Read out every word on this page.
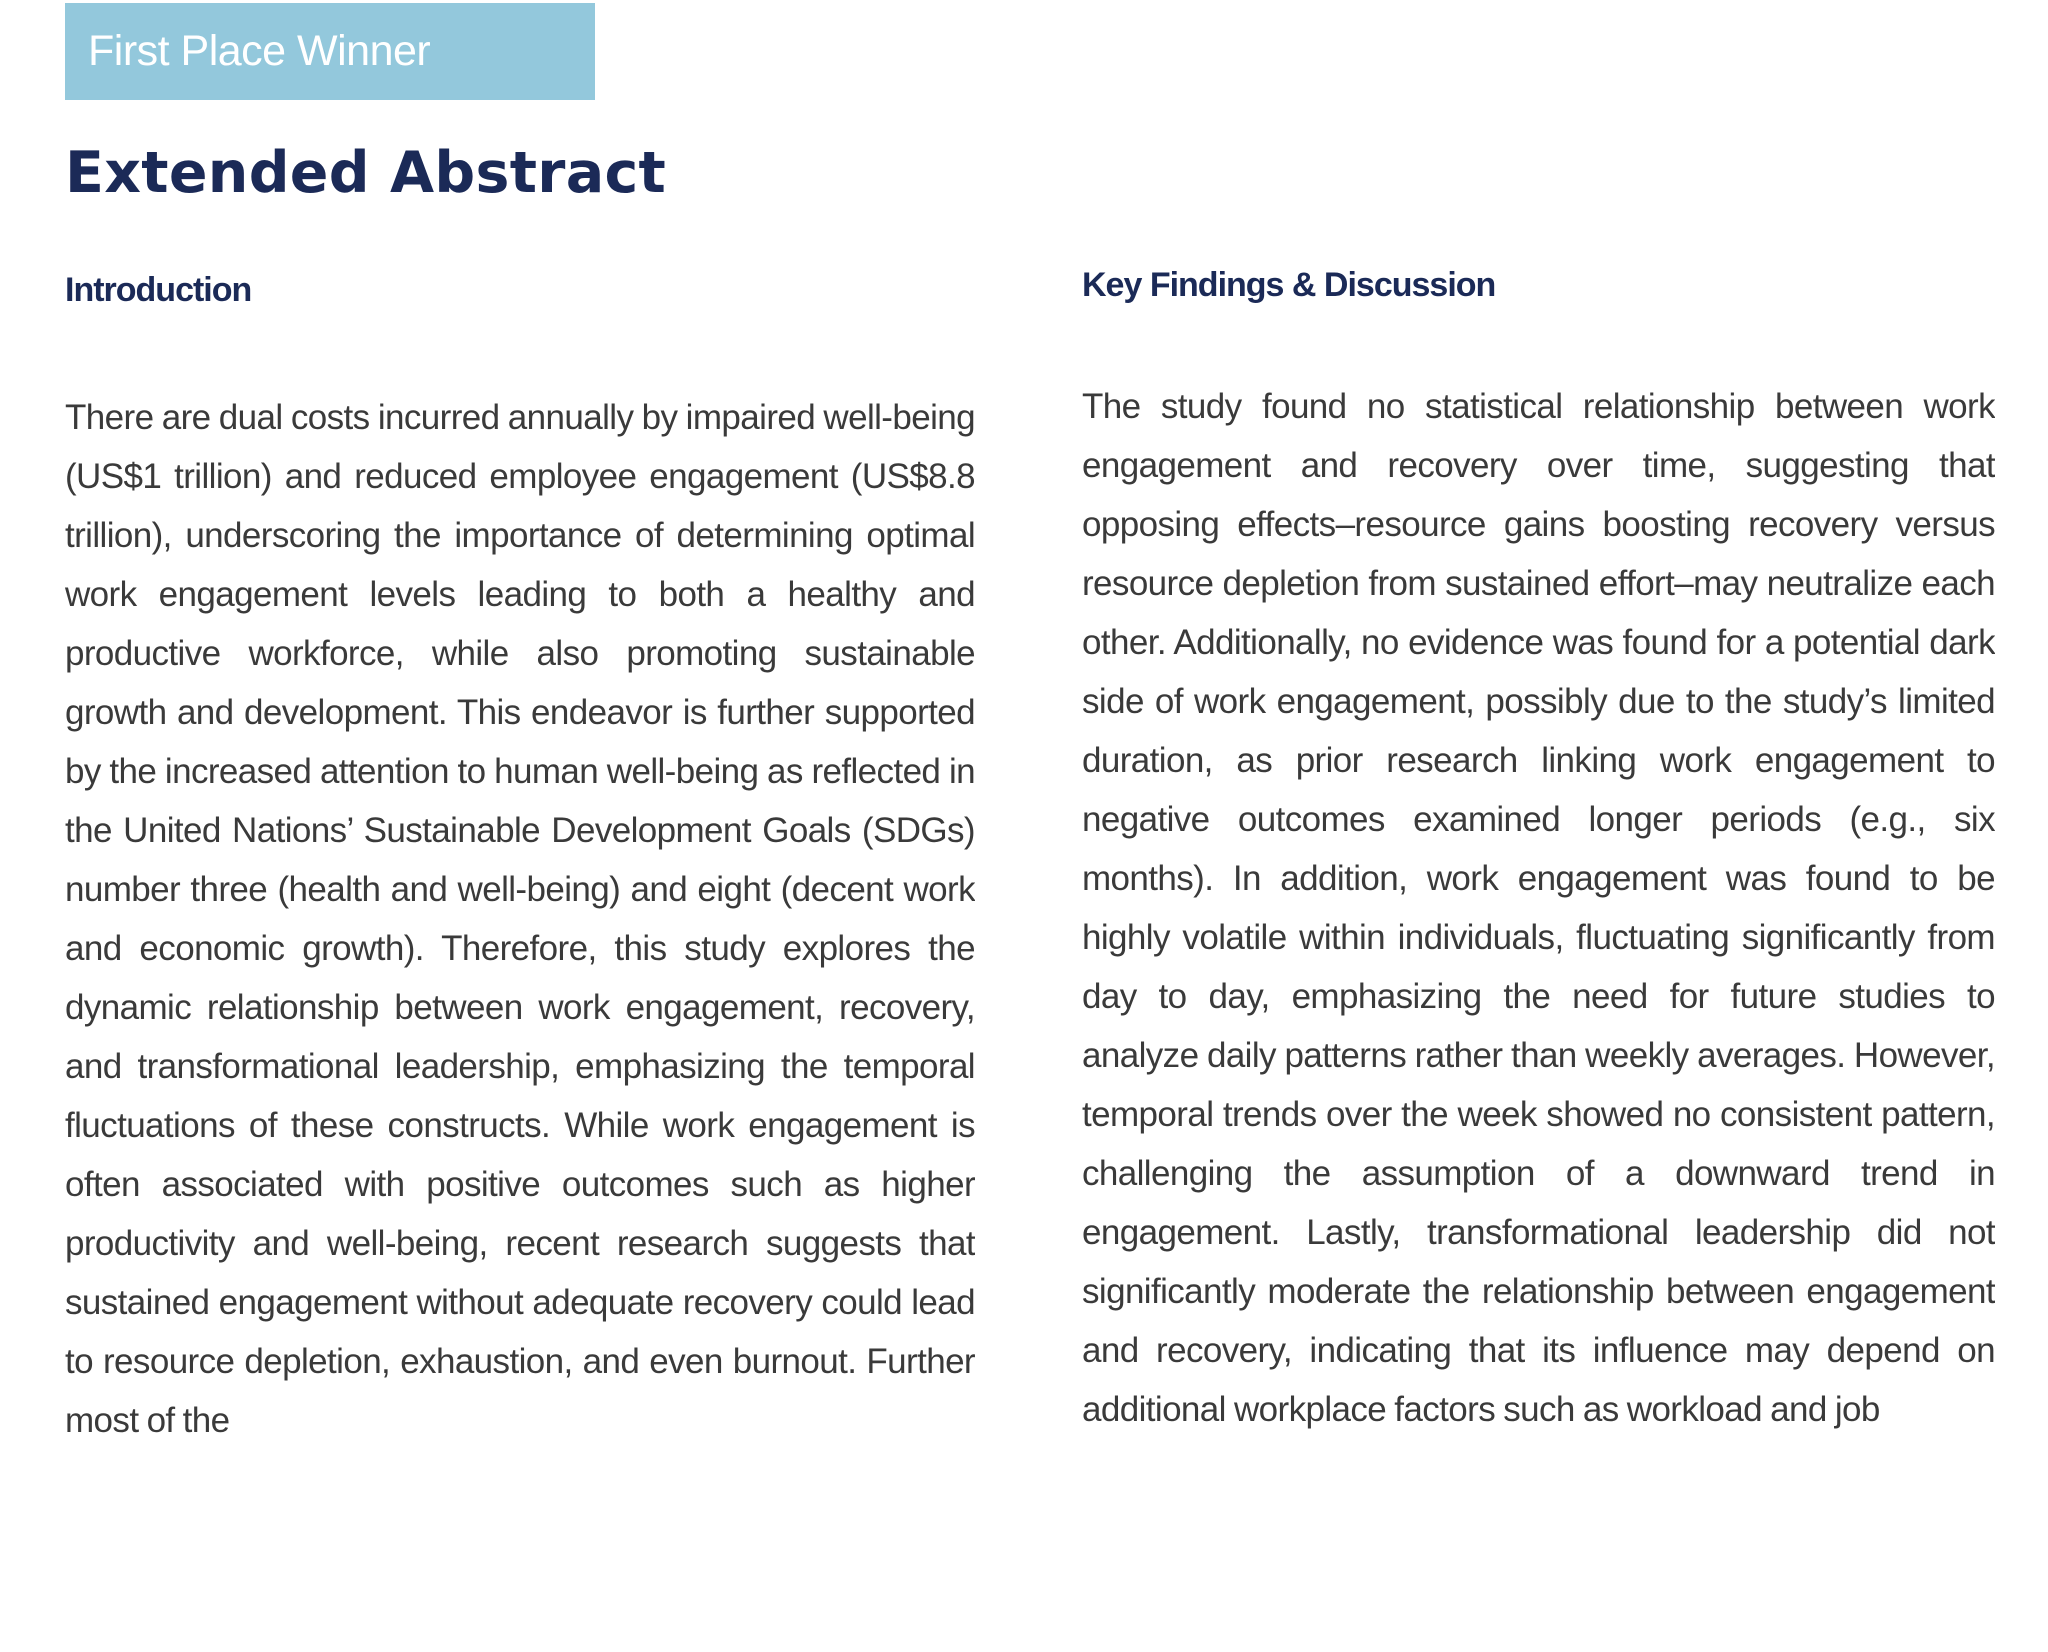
First Place Winner
Extended Abstract
Introduction

There are dual costs incurred annually by impaired well-being (US$1 trillion) and reduced employee engagement (US$8.8 trillion), underscoring the importance of determining optimal work engagement levels leading to both a healthy and productive workforce, while also promoting sustainable growth and development. This endeavor is further supported by the increased attention to human well-being as reflected in the United Nations’ Sustainable Development Goals (SDGs) number three (health and well-being) and eight (decent work and economic growth). Therefore, this study explores the dynamic relationship between work engagement, recovery, and transformational leadership, emphasizing the temporal fluctuations of these constructs. While work engagement is often associated with positive outcomes such as higher productivity and well-being, recent research suggests that sustained engagement without adequate recovery could lead to resource depletion, exhaustion, and even burnout. Further most of the

Key Findings & Discussion

The study found no statistical relationship between work engagement and recovery over time, suggesting that opposing effects–resource gains boosting recovery versus resource depletion from sustained effort–may neutralize each other. Additionally, no evidence was found for a potential dark side of work engagement, possibly due to the study’s limited duration, as prior research linking work engagement to negative outcomes examined longer periods (e.g., six months). In addition, work engagement was found to be highly volatile within individuals, fluctuating significantly from day to day, emphasizing the need for future studies to analyze daily patterns rather than weekly averages. However, temporal trends over the week showed no consistent pattern, challenging the assumption of a downward trend in engagement. Lastly, transformational leadership did not significantly moderate the relationship between engagement and recovery, indicating that its influence may depend on additional workplace factors such as workload and job
